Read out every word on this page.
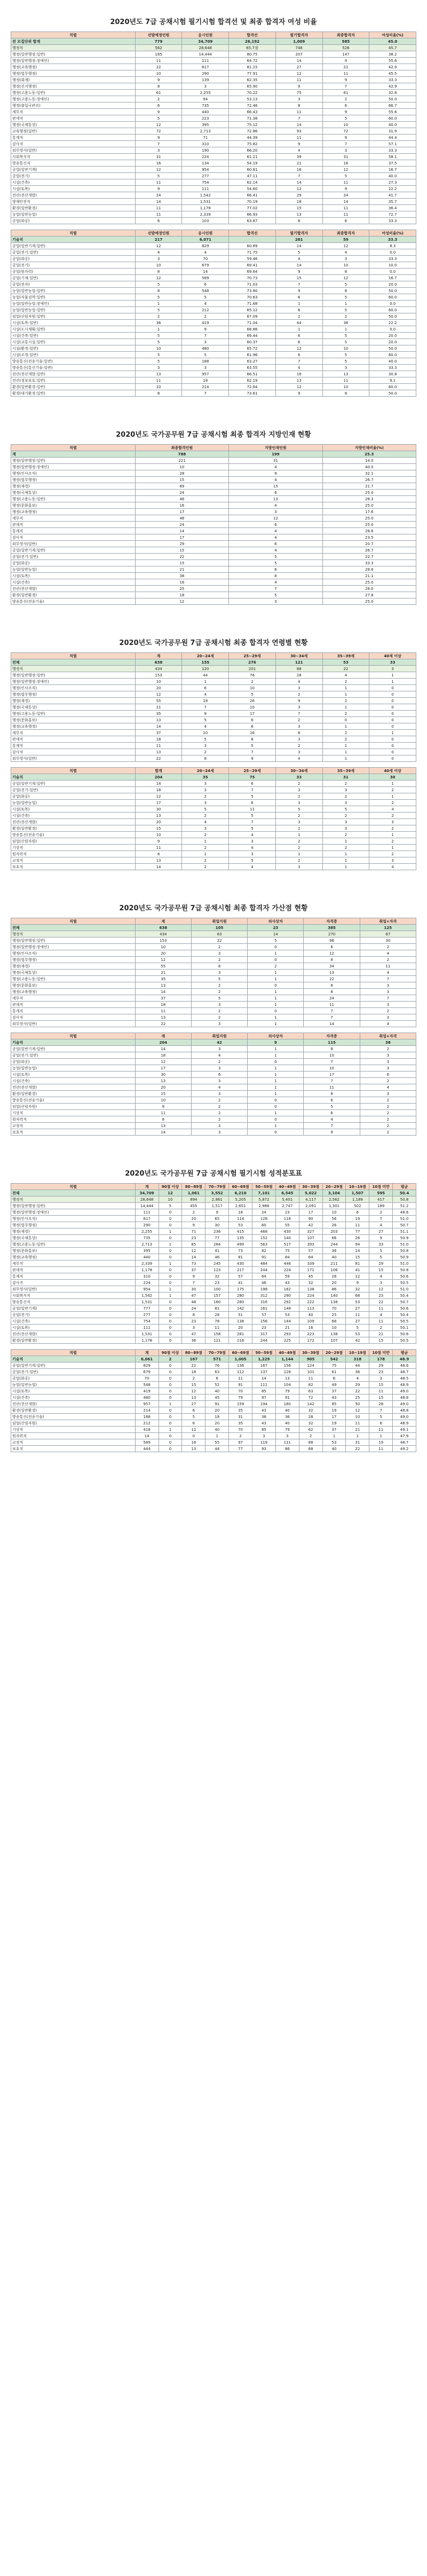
2020년도 7급 공채시험 필기시험 합격선 및 최종 합격자 여성 비율
직렬	선발예정인원	응시인원	합격선	필기합격자	최종합격자	여성비율(%)
전 모집단위 합계	779	34,709	26,192	1,009	585	45.0
행정직	562	28,648	65.7점	748	526	45.7
행정(일반행정:일반)	185	14,444	80.75	207	147	38.2
행정(일반행정:장애인)	11	111	64.72	14	9	55.6
행정(교육행정)	22	617	81.15	27	21	42.9
행정(법무행정)	10	290	77.91	12	11	45.5
행정(회계)	9	139	62.35	11	9	33.3
행정(선거행정)	8	3	65.90	9	7	42.9
행정(고용노동:일반)	61	2,255	70.22	75	61	32.8
행정(고용노동:장애인)	2	94	53.13	3	2	50.0
행정(출입국관리)	6	735	72.46	8	6	66.7
세무직	9	440	66.43	11	9	55.6
관세직	5	223	71.38	7	5	60.0
행정(국제통상)	12	395	75.12	14	10	40.0
교육행정(일반)	72	2,713	72.86	93	72	31.9
통계직	9	71	44.39	11	9	44.4
감사직	7	310	75.82	9	7	57.1
외무영사(일반)	3	190	66.20	4	3	33.3
사회복지직	31	224	61.21	39	31	58.1
방송통신직	16	134	54.19	21	16	37.5
공업(일반기계)	12	954	60.61	16	12	16.7
공업(전기)	5	277	47.11	7	5	40.0
시설(건축)	11	754	62.14	14	11	27.3
시설(토목)	9	111	54.60	12	9	22.2
전산(전산개발)	24	1,542	66.41	29	24	41.7
방재안전직	14	1,531	70.19	18	14	35.7
환경(일반환경)	11	1,178	77.02	15	11	36.4
농업(일반농업)	11	2,339	66.93	13	11	72.7
공업(화공)	6	103	63.87	8	6	33.3
직렬	선발예정인원	응시인원	합격선	필기합격자	최종합격자	여성비율(%)
기술직	217	6,071		261	59	33.3
공업(일반기계:일반)	12	829	60.89	14	12	8.3
공업(전기:일반)	4	4	71.75	5	4	0.0
공업(화공)	3	70	59.46	4	3	33.3
공업(전기)	10	679	69.41	14	10	10.0
공업(원자력)	8	14	69.64	9	8	0.0
공업(기계:일반)	12	589	70.73	15	12	16.7
공업(전자)	5	6	71.03	7	5	20.0
농업(일반농업:일반)	8	548	73.80	9	8	50.0
농업(식물검역:일반)	5	5	70.63	6	5	60.0
농업(일반농업:장애인)	1	4	71.68	1	1	0.0
농업(일반농업:일반)	5	212	65.12	6	5	60.0
임업(산림자원:일반)	2	2	67.09	2	2	50.0
시설(토목:일반)	36	419	71.04	44	36	22.2
시설(도시계획:일반)	1	9	68.86	1	1	0.0
시설(건축:일반)	5	7	69.44	6	5	20.0
시설(교통시설:일반)	5	3	60.37	6	5	20.0
시설(환경:일반)	10	480	65.72	12	10	50.0
시설(조경:일반)	5	5	61.96	6	5	60.0
방송통신(전송기술:일반)	5	188	63.27	7	5	40.0
방송통신(통신기술:일반)	3	3	63.55	4	3	33.3
전산(전산개발:일반)	13	957	66.51	16	13	30.8
전산(정보보호:일반)	11	18	62.19	13	11	9.1
환경(일반환경:일반)	10	214	72.64	12	10	60.0
환경(대기환경:일반)	8	7	73.61	9	8	50.0
2020년도 국가공무원 7급 공채시험 최종 합격자 지방인재 현황
직렬	최종합격인원	지방인재인원	지방인재비율(%)
계	788	199	25.3
행정(일반행정:일반)	221	31	14.0
행정(일반행정:장애인)	10	4	40.0
행정(인사조직)	28	9	32.1
행정(법무행정)	15	4	26.7
행정(재경)	69	15	21.7
행정(국제통상)	24	6	25.0
행정(고용노동:일반)	46	13	28.3
행정(문화홍보)	16	4	25.0
행정(교육행정)	17	3	17.6
세무직	48	12	25.0
관세직	24	6	25.0
통계직	14	4	28.6
감사직	17	4	23.5
외무영사(일반)	29	6	20.7
공업(일반기계:일반)	15	4	26.7
공업(전기:일반)	22	5	22.7
공업(화공)	15	5	33.3
농업(일반농업)	21	6	28.6
시설(토목)	38	8	21.1
시설(건축)	16	4	25.0
전산(전산개발)	25	7	28.0
환경(일반환경)	18	5	27.8
방송통신(전송기술)	12	3	25.0
2020년도 국가공무원 7급 공채시험 최종 합격자 연령별 현황
직렬	계	20~24세	25~29세	30~34세	35~39세	40세 이상
전체	638	155	276	121	53	33
행정직	434	120	201	88	22	3
행정(일반행정:일반)	153	44	76	28	4	1
행정(일반행정:장애인)	10	1	2	4	2	1
행정(인사조직)	20	6	10	3	1	0
행정(법무행정)	12	4	5	2	1	0
행정(재경)	55	18	26	9	2	0
행정(국제통상)	21	7	10	3	1	0
행정(고용노동:일반)	35	9	17	7	2	0
행정(문화홍보)	13	5	6	2	0	0
행정(교육행정)	14	4	6	3	1	0
세무직	37	10	16	8	2	1
관세직	18	5	8	3	2	0
통계직	11	3	5	2	1	0
감사직	13	2	7	3	1	0
외무영사(일반)	22	8	9	4	1	0
직렬	합계	20~24세	25~29세	30~34세	35~39세	40세 이상
기술직	204	35	75	33	31	30
공업(일반기계:일반)	14	3	6	2	2	1
공업(전기:일반)	18	3	7	3	3	2
공업(화공)	12	2	5	2	2	1
농업(일반농업)	17	3	6	3	3	2
시설(토목)	30	5	11	5	5	4
시설(건축)	13	2	5	2	2	2
전산(전산개발)	20	4	7	3	3	3
환경(일반환경)	15	3	5	2	3	2
방송통신(전송기술)	10	2	4	1	2	1
임업(산림자원)	9	1	3	2	1	2
기상직	11	2	4	2	2	1
원자력직	8	1	3	1	1	2
교정직	13	2	5	2	1	3
보호직	14	2	4	3	1	4
2020년도 국가공무원 7급 공채시험 최종 합격자 가산점 현황
직렬	계	취업지원	의사상자	자격증	취업+자격
전체	638	105	23	385	125
행정직	434	63	14	270	87
행정(일반행정:일반)	153	22	5	96	30
행정(일반행정:장애인)	10	2	0	6	2
행정(인사조직)	20	3	1	12	4
행정(법무행정)	12	2	0	8	2
행정(재경)	55	8	2	34	11
행정(국제통상)	21	3	1	13	4
행정(고용노동:일반)	35	5	1	22	7
행정(문화홍보)	13	2	0	8	3
행정(교육행정)	14	2	1	8	3
세무직	37	5	1	24	7
관세직	18	3	1	11	3
통계직	11	2	0	7	2
감사직	13	2	1	7	3
외무영사(일반)	22	3	1	14	4
직렬	계	취업지원	의사상자	자격증	취업+자격
기술직	204	42	9	115	38
공업(일반기계:일반)	14	3	1	8	2
공업(전기:일반)	18	4	1	10	3
공업(화공)	12	2	0	7	3
농업(일반농업)	17	3	1	10	3
시설(토목)	30	6	1	17	6
시설(건축)	13	3	1	7	2
전산(전산개발)	20	4	1	11	4
환경(일반환경)	15	3	1	8	3
방송통신(전송기술)	10	2	0	6	2
임업(산림자원)	9	2	0	5	2
기상직	11	2	1	6	2
원자력직	8	2	0	4	2
교정직	13	3	1	7	2
보호직	14	3	0	9	2
2020년도 국가공무원 7급 공채시험 필기시험 성적분포표
직렬	계	90점 이상	80~89점	70~79점	60~69점	50~59점	40~49점	30~39점	20~29점	10~19점	10점 미만	평균
전체	34,709	12	1,061	3,552	6,210	7,101	6,545	5,022	3,104	1,507	595	50.4
행정직	28,648	10	894	2,981	5,205	5,872	5,401	4,117	2,562	1,189	417	50.8
행정(일반행정:일반)	14,444	5	455	1,517	2,651	2,986	2,747	2,091	1,301	502	189	51.2
행정(일반행정:장애인)	111	0	2	9	18	24	23	17	10	6	2	48.6
행정(인사조직)	617	0	20	65	114	128	118	90	56	19	7	51.0
행정(법무행정)	290	0	9	30	53	60	55	42	26	11	4	50.7
행정(재경)	2,255	1	71	236	415	468	430	327	203	77	27	51.1
행정(국제통상)	735	0	23	77	135	152	140	107	66	26	9	50.9
행정(고용노동:일반)	2,713	1	85	284	499	563	517	393	244	94	33	51.0
행정(문화홍보)	395	0	12	41	73	82	75	57	36	14	5	50.8
행정(교육행정)	440	0	14	46	81	91	84	64	40	15	5	50.9
세무직	2,339	1	73	245	430	484	446	339	211	81	29	51.0
관세직	1,178	0	37	123	217	244	224	171	106	41	15	50.8
통계직	310	0	9	32	57	64	59	45	28	12	4	50.6
감사직	224	0	7	23	41	46	43	32	20	9	3	50.5
외무영사(일반)	954	1	30	100	175	198	182	138	86	32	12	51.0
사회복지직	1,542	1	47	157	280	312	290	224	140	68	23	50.4
방송통신직	1,531	0	48	160	280	316	292	222	138	53	22	50.7
공업(일반기계)	777	0	24	81	142	161	148	113	70	27	11	50.6
공업(전기)	277	0	8	28	51	57	53	40	25	11	4	50.4
시설(건축)	754	0	23	78	138	156	144	109	68	27	11	50.5
시설(토목)	111	0	3	11	20	23	21	16	10	5	2	50.1
전산(전산개발)	1,531	0	47	158	281	317	293	223	138	53	21	50.6
환경(일반환경)	1,178	0	36	121	216	244	225	172	107	42	15	50.5
직렬	계	90점 이상	80~89점	70~79점	60~69점	50~59점	40~49점	30~39점	20~29점	10~19점	10점 미만	평균
기술직	6,061	2	167	571	1,005	1,229	1,144	905	542	318	178	48.9
공업(일반기계:일반)	829	0	22	76	136	167	156	124	75	44	29	48.6
공업(전기:일반)	679	0	18	63	112	137	128	101	61	36	23	48.7
공업(화공)	70	0	2	6	11	14	13	11	6	4	3	48.5
농업(일반농업)	548	0	15	52	91	111	104	82	49	29	15	48.9
시설(토목)	419	0	12	40	70	85	79	63	37	22	11	49.0
시설(건축)	480	0	13	45	79	97	91	72	43	25	15	48.8
전산(전산개발)	957	1	27	91	159	194	180	142	85	50	28	49.0
환경(일반환경)	214	0	6	20	35	43	40	32	19	12	7	48.8
방송통신(전송기술)	188	0	5	18	31	38	36	28	17	10	5	49.0
임업(산림자원)	212	0	6	20	35	43	40	32	19	11	6	48.9
기상직	418	1	12	40	70	85	79	62	37	21	11	49.1
원자력직	14	0	0	1	2	3	3	2	1	1	1	47.9
교정직	589	0	16	55	97	119	111	88	53	31	19	48.7
보호직	444	0	13	44	77	93	86	68	40	22	11	49.2
